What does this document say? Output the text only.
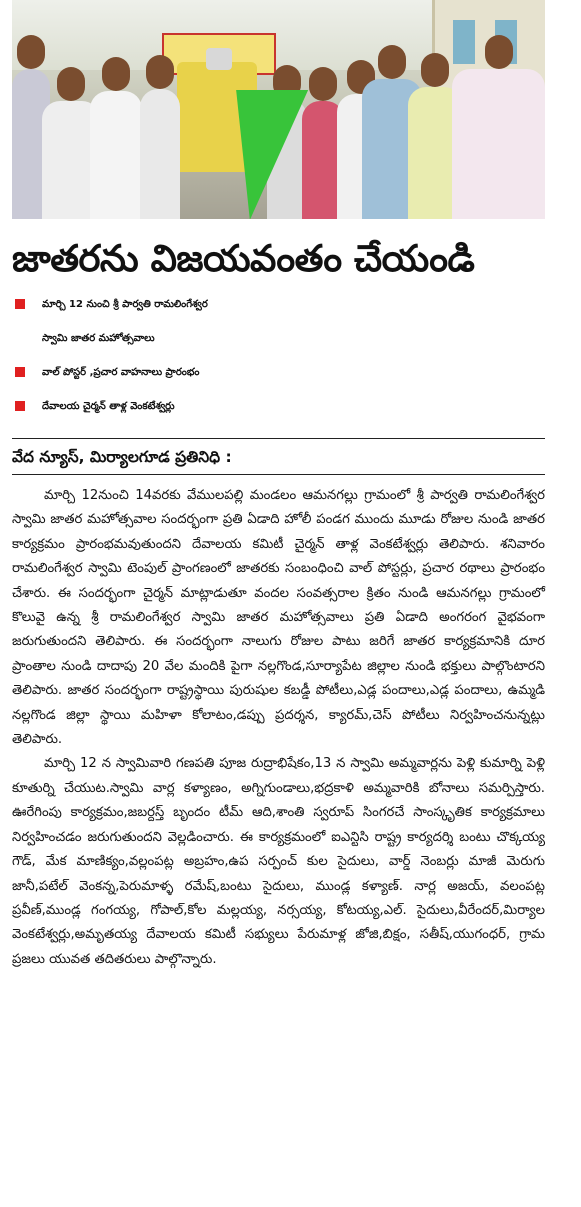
జాతరను విజయవంతం చేయండి
మార్చి 12 నుంచి శ్రీ పార్వతి రామలింగేశ్వర
స్వామి జాతర మహోత్సవాలు
వాల్ పోస్టర్ ,ప్రచార వాహనాలు ప్రారంభం
దేవాలయ చైర్మన్ తాళ్ల వెంకటేశ్వర్లు
వేద న్యూస్, మిర్యాలగూడ ప్రతినిధి :

మార్చి 12నుంచి 14వరకు వేములపల్లి మండలం ఆమనగల్లు గ్రామంలో శ్రీ పార్వతి రామలింగేశ్వర స్వామి జాతర మహోత్సవాల సందర్భంగా ప్రతి ఏడాది హోలీ పండగ ముందు మూడు రోజుల నుండి జాతర కార్యక్రమం ప్రారంభమవుతుందని దేవాలయ కమిటీ చైర్మన్ తాళ్ల వెంకటేశ్వర్లు తెలిపారు. శనివారం రామలింగేశ్వర స్వామి టెంపుల్ ప్రాంగణంలో జాతరకు సంబంధించి వాల్ పోస్టర్లు, ప్రచార రథాలు ప్రారంభం చేశారు. ఈ సందర్భంగా చైర్మన్ మాట్లాడుతూ వందల సంవత్సరాల క్రితం నుండి ఆమనగల్లు గ్రామంలో కొలువై ఉన్న శ్రీ రామలింగేశ్వర స్వామి జాతర మహోత్సవాలు ప్రతి ఏడాది అంగరంగ వైభవంగా జరుగుతుందని తెలిపారు. ఈ సందర్భంగా నాలుగు రోజుల పాటు జరిగే జాతర కార్యక్రమానికి దూర ప్రాంతాల నుండి దాదాపు 20 వేల మందికి పైగా నల్లగొండ,సూర్యాపేట జిల్లాల నుండి భక్తులు పాల్గొంటారని తెలిపారు. జాతర సందర్భంగా రాష్ట్రస్థాయి పురుషుల కబడ్డీ పోటీలు,ఎడ్ల పందాలు,ఎడ్ల పందాలు, ఉమ్మడి నల్లగొండ జిల్లా స్థాయి మహిళా కోలాటం,డప్పు ప్రదర్శన, క్యారమ్,చెస్ పోటీలు నిర్వహించనున్నట్లు తెలిపారు.

మార్చి 12 న స్వామివారి గణపతి పూజ రుద్రాభిషేకం,13 న స్వామి అమ్మవార్లను పెళ్లి కుమార్ని పెళ్లి కూతుర్ని చేయుట.స్వామి వార్ల కళ్యాణం, అగ్నిగుండాలు,భద్రకాళి అమ్మవారికి బోనాలు సమర్పిస్తారు. ఊరేగింపు కార్యక్రమం,జబర్దస్త్ బృందం టీమ్ ఆది,శాంతి స్వరూప్ సింగరచే సాంస్కృతిక కార్యక్రమాలు నిర్వహించడం జరుగుతుందని వెల్లడించారు. ఈ కార్యక్రమంలో ఐఎన్టిసి రాష్ట్ర కార్యదర్శి బంటు చొక్కయ్య గౌడ్, మేక మాణిక్యం,వల్లంపట్ల అబ్రహం,ఉప సర్పంచ్ కుల సైదులు, వార్డ్ నెంబర్లు మాజీ మెరుగు జానీ,పటేల్ వెంకన్న,పెరుమాళ్ళ రమేష్,బంటు సైదులు, ముండ్ల కళ్యాణ్. నార్ల అజయ్, వలంపట్ల ప్రవీణ్,ముండ్ల గంగయ్య, గోపాల్,కోల మల్లయ్య, నర్సయ్య, కోటయ్య,ఎల్. సైదులు,వీరేందర్,మిర్యాల వెంకటేశ్వర్లు,అమృతయ్య దేవాలయ కమిటీ సభ్యులు పేరుమాళ్ల జోజి,బిక్షం, సతీష్,యుగంధర్, గ్రామ ప్రజలు యువత తదితరులు పాల్గొన్నారు.
